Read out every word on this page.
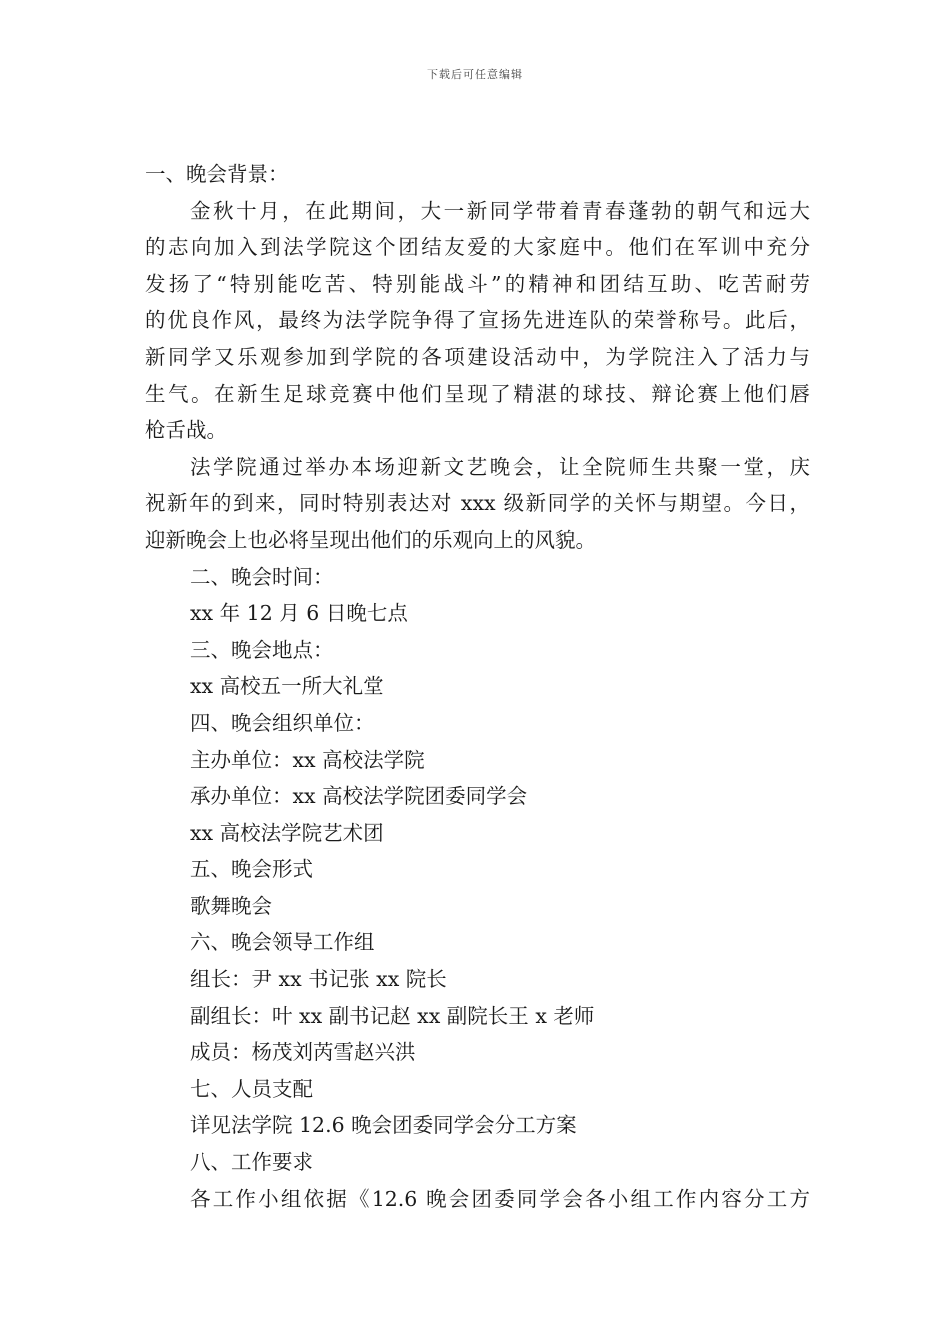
下载后可任意编辑
一、晚会背景：
金秋十月，在此期间，大一新同学带着青春蓬勃的朝气和远大
的志向加入到法学院这个团结友爱的大家庭中。他们在军训中充分
发扬了“特别能吃苦、特别能战斗”的精神和团结互助、吃苦耐劳
的优良作风，最终为法学院争得了宣扬先进连队的荣誉称号。此后，
新同学又乐观参加到学院的各项建设活动中，为学院注入了活力与
生气。在新生足球竞赛中他们呈现了精湛的球技、辩论赛上他们唇
枪舌战。
法学院通过举办本场迎新文艺晚会，让全院师生共聚一堂，庆
祝新年的到来，同时特别表达对 xxx 级新同学的关怀与期望。今日，
迎新晚会上也必将呈现出他们的乐观向上的风貌。
二、晚会时间：
xx 年 12 月 6 日晚七点
三、晚会地点：
xx 高校五一所大礼堂
四、晚会组织单位：
主办单位：xx 高校法学院
承办单位：xx 高校法学院团委同学会
xx 高校法学院艺术团
五、晚会形式
歌舞晚会
六、晚会领导工作组
组长：尹 xx 书记张 xx 院长
副组长：叶 xx 副书记赵 xx 副院长王 x 老师
成员：杨茂刘芮雪赵兴洪
七、人员支配
详见法学院 12.6 晚会团委同学会分工方案
八、工作要求
各工作小组依据《12.6 晚会团委同学会各小组工作内容分工方
